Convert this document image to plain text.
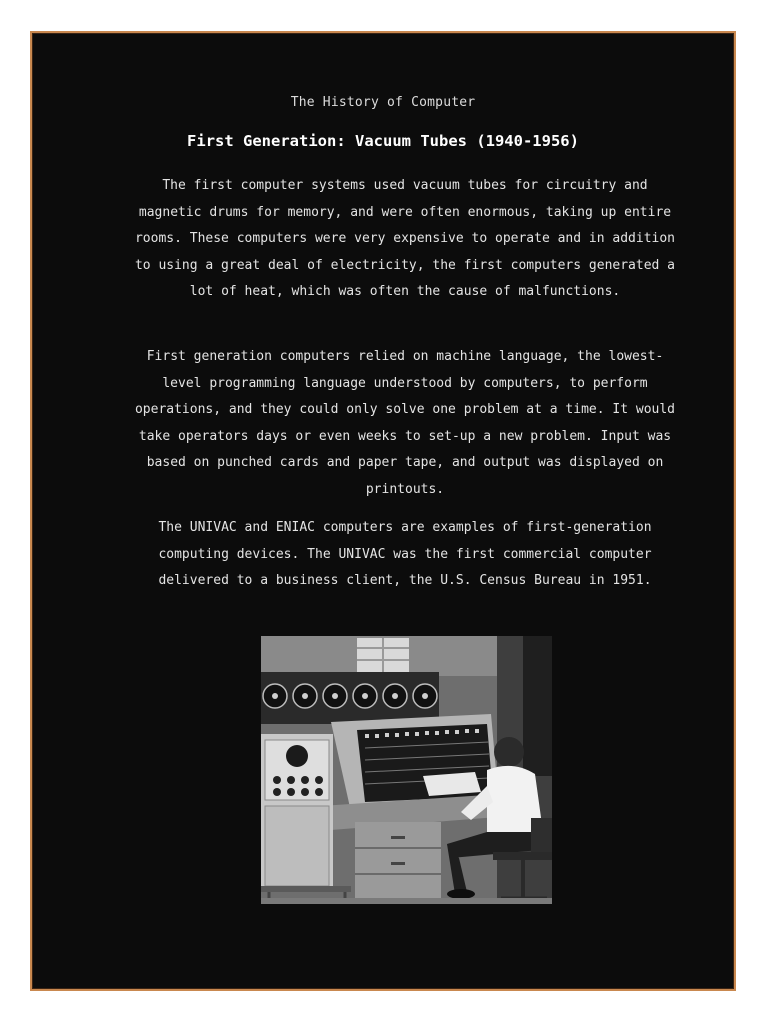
The History of Computer
First Generation: Vacuum Tubes (1940-1956)
The first computer systems used vacuum tubes for circuitry and magnetic drums for memory, and were often enormous, taking up entire rooms. These computers were very expensive to operate and in addition to using a great deal of electricity, the first computers generated a lot of heat, which was often the cause of malfunctions.
First generation computers relied on machine language, the lowest-level programming language understood by computers, to perform operations, and they could only solve one problem at a time. It would take operators days or even weeks to set-up a new problem. Input was based on punched cards and paper tape, and output was displayed on printouts.
The UNIVAC and ENIAC computers are examples of first-generation computing devices. The UNIVAC was the first commercial computer delivered to a business client, the U.S. Census Bureau in 1951.
